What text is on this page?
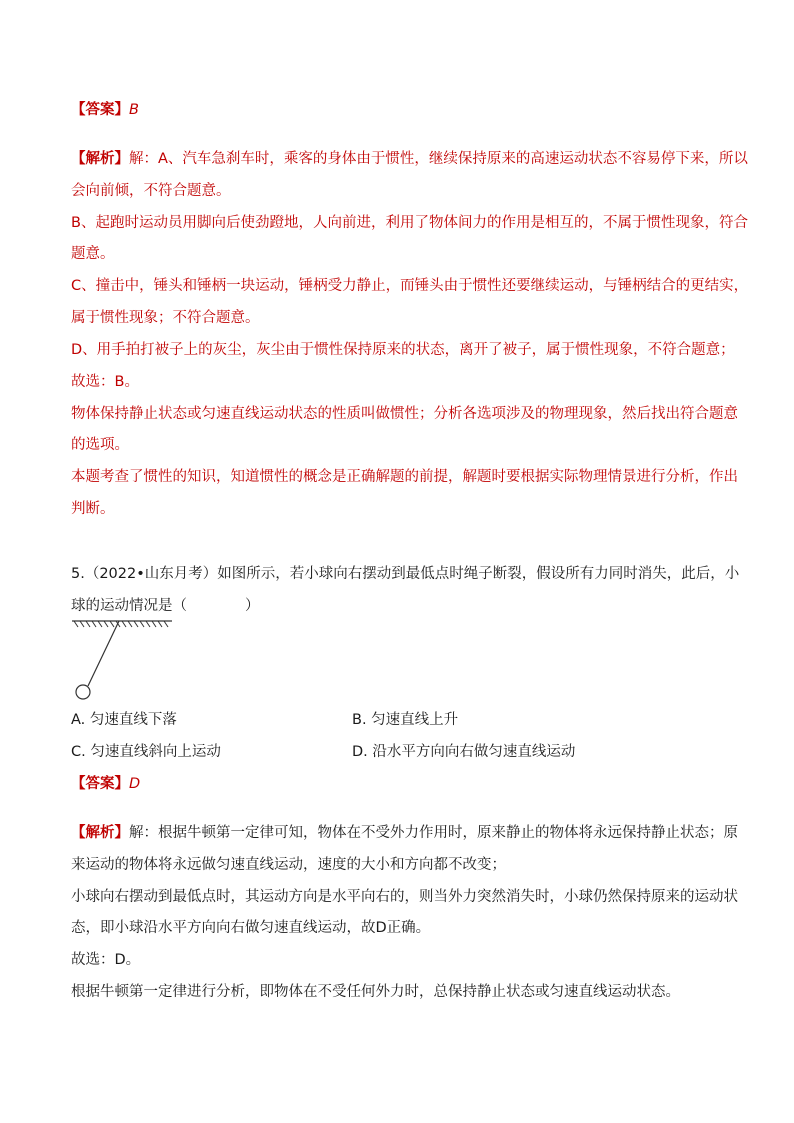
【答案】B
【解析】解：A、汽车急刹车时，乘客的身体由于惯性，继续保持原来的高速运动状态不容易停下来，所以
会向前倾，不符合题意。
B、起跑时运动员用脚向后使劲蹬地，人向前进，利用了物体间力的作用是相互的，不属于惯性现象，符合
题意。
C、撞击中，锤头和锤柄一块运动，锤柄受力静止，而锤头由于惯性还要继续运动，与锤柄结合的更结实，
属于惯性现象；不符合题意。
D、用手拍打被子上的灰尘，灰尘由于惯性保持原来的状态，离开了被子，属于惯性现象，不符合题意；
故选：B。
物体保持静止状态或匀速直线运动状态的性质叫做惯性；分析各选项涉及的物理现象，然后找出符合题意
的选项。
本题考查了惯性的知识，知道惯性的概念是正确解题的前提，解题时要根据实际物理情景进行分析，作出
判断。
5.（2022•山东月考）如图所示，若小球向右摆动到最低点时绳子断裂，假设所有力同时消失，此后，小
球的运动情况是（	）
A. 匀速直线下落	B. 匀速直线上升
C. 匀速直线斜向上运动	D. 沿水平方向向右做匀速直线运动
【答案】D
【解析】解：根据牛顿第一定律可知，物体在不受外力作用时，原来静止的物体将永远保持静止状态；原
来运动的物体将永远做匀速直线运动，速度的大小和方向都不改变；
小球向右摆动到最低点时，其运动方向是水平向右的，则当外力突然消失时，小球仍然保持原来的运动状
态，即小球沿水平方向向右做匀速直线运动，故D正确。
故选：D。
根据牛顿第一定律进行分析，即物体在不受任何外力时，总保持静止状态或匀速直线运动状态。
